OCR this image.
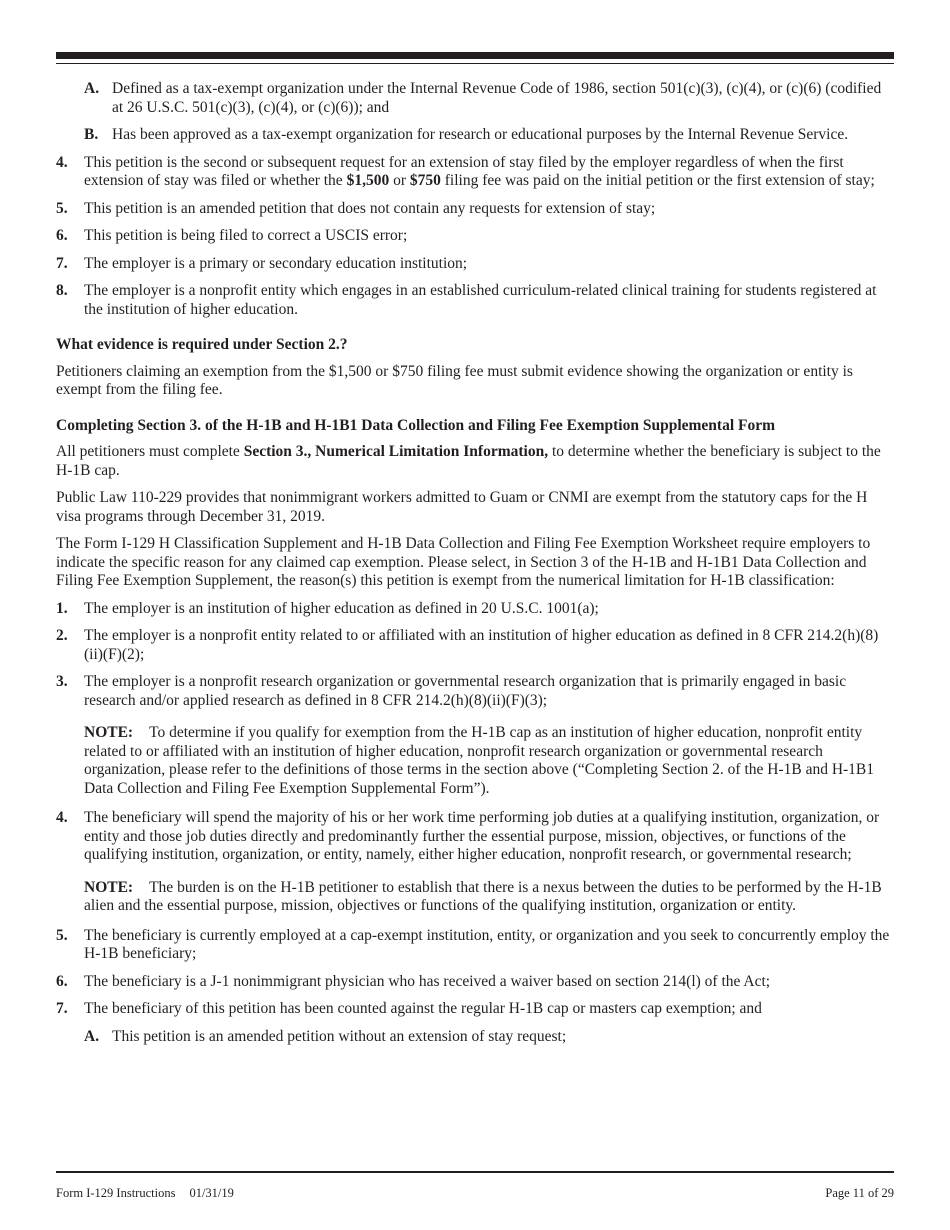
A. Defined as a tax-exempt organization under the Internal Revenue Code of 1986, section 501(c)(3), (c)(4), or (c)(6) (codified at 26 U.S.C. 501(c)(3), (c)(4), or (c)(6)); and
B. Has been approved as a tax-exempt organization for research or educational purposes by the Internal Revenue Service.
4. This petition is the second or subsequent request for an extension of stay filed by the employer regardless of when the first extension of stay was filed or whether the $1,500 or $750 filing fee was paid on the initial petition or the first extension of stay;
5. This petition is an amended petition that does not contain any requests for extension of stay;
6. This petition is being filed to correct a USCIS error;
7. The employer is a primary or secondary education institution;
8. The employer is a nonprofit entity which engages in an established curriculum-related clinical training for students registered at the institution of higher education.
What evidence is required under Section 2.?
Petitioners claiming an exemption from the $1,500 or $750 filing fee must submit evidence showing the organization or entity is exempt from the filing fee.
Completing Section 3. of the H-1B and H-1B1 Data Collection and Filing Fee Exemption Supplemental Form
All petitioners must complete Section 3., Numerical Limitation Information, to determine whether the beneficiary is subject to the H-1B cap.
Public Law 110-229 provides that nonimmigrant workers admitted to Guam or CNMI are exempt from the statutory caps for the H visa programs through December 31, 2019.
The Form I-129 H Classification Supplement and H-1B Data Collection and Filing Fee Exemption Worksheet require employers to indicate the specific reason for any claimed cap exemption. Please select, in Section 3 of the H-1B and H-1B1 Data Collection and Filing Fee Exemption Supplement, the reason(s) this petition is exempt from the numerical limitation for H-1B classification:
1. The employer is an institution of higher education as defined in 20 U.S.C. 1001(a);
2. The employer is a nonprofit entity related to or affiliated with an institution of higher education as defined in 8 CFR 214.2(h)(8)(ii)(F)(2);
3. The employer is a nonprofit research organization or governmental research organization that is primarily engaged in basic research and/or applied research as defined in 8 CFR 214.2(h)(8)(ii)(F)(3);
NOTE: To determine if you qualify for exemption from the H-1B cap as an institution of higher education, nonprofit entity related to or affiliated with an institution of higher education, nonprofit research organization or governmental research organization, please refer to the definitions of those terms in the section above (“Completing Section 2. of the H-1B and H-1B1 Data Collection and Filing Fee Exemption Supplemental Form”).
4. The beneficiary will spend the majority of his or her work time performing job duties at a qualifying institution, organization, or entity and those job duties directly and predominantly further the essential purpose, mission, objectives, or functions of the qualifying institution, organization, or entity, namely, either higher education, nonprofit research, or governmental research;
NOTE: The burden is on the H-1B petitioner to establish that there is a nexus between the duties to be performed by the H-1B alien and the essential purpose, mission, objectives or functions of the qualifying institution, organization or entity.
5. The beneficiary is currently employed at a cap-exempt institution, entity, or organization and you seek to concurrently employ the H-1B beneficiary;
6. The beneficiary is a J-1 nonimmigrant physician who has received a waiver based on section 214(l) of the Act;
7. The beneficiary of this petition has been counted against the regular H-1B cap or masters cap exemption; and
A. This petition is an amended petition without an extension of stay request;
Form I-129 Instructions 01/31/19	Page 11 of 29
